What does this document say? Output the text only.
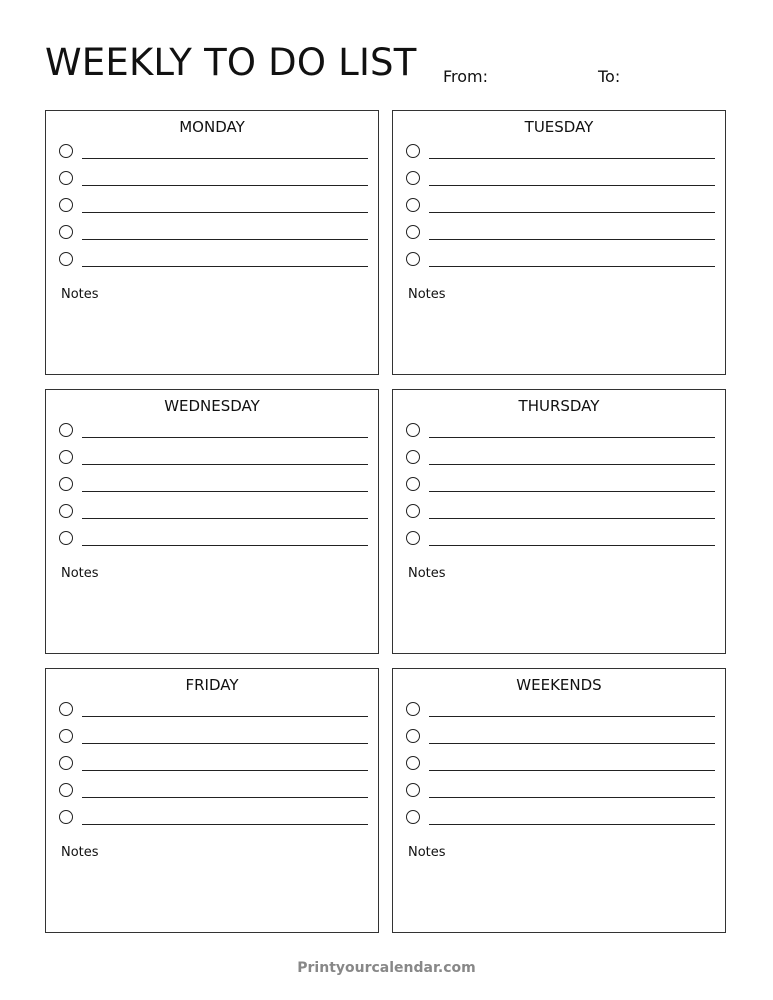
WEEKLY TO DO LIST From:	To:
MONDAY
Notes
TUESDAY
Notes
WEDNESDAY
Notes
THURSDAY
Notes
FRIDAY
Notes
WEEKENDS
Notes
Printyourcalendar.com
